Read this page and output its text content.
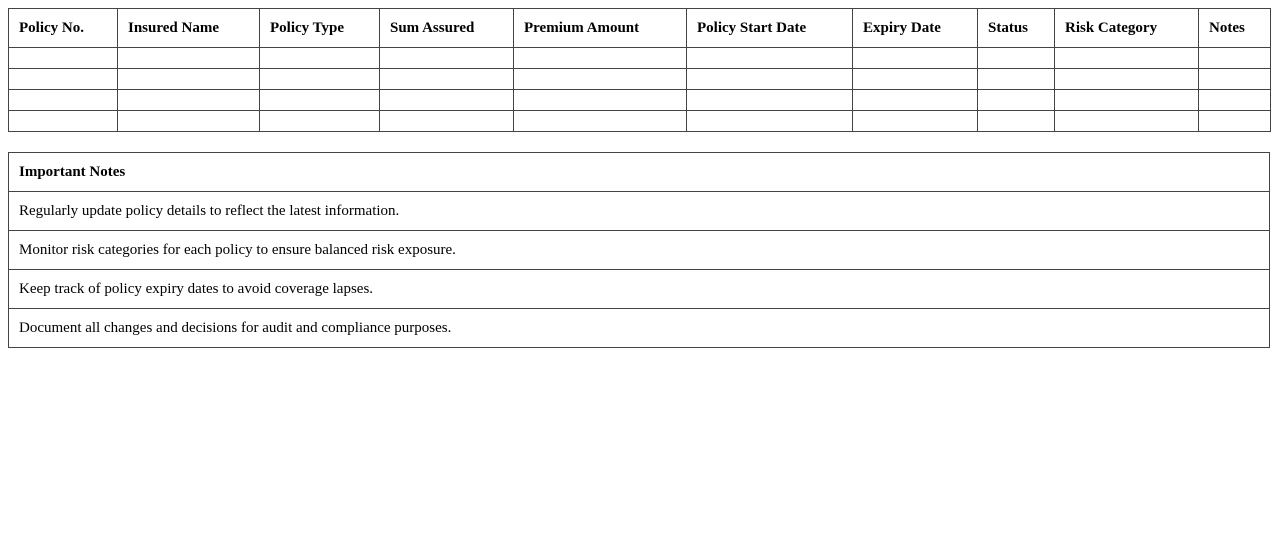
Policy No.	Insured Name	Policy Type	Sum Assured	Premium Amount	Policy Start Date	Expiry Date	Status	Risk Category	Notes

Important Notes
Regularly update policy details to reflect the latest information.
Monitor risk categories for each policy to ensure balanced risk exposure.
Keep track of policy expiry dates to avoid coverage lapses.
Document all changes and decisions for audit and compliance purposes.
